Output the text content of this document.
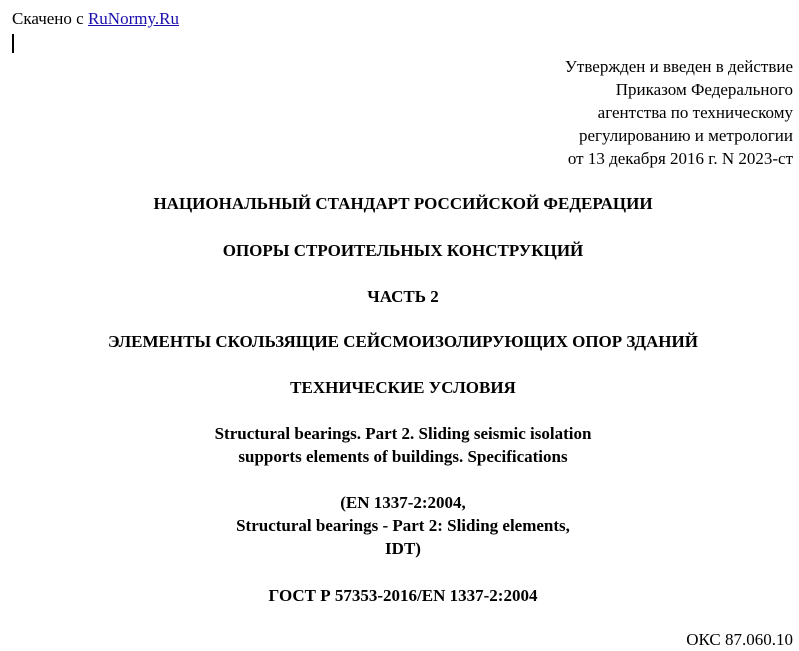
Скачено с RuNormy.Ru
Утвержден и введен в действие
Приказом Федерального
агентства по техническому
регулированию и метрологии
от 13 декабря 2016 г. N 2023-ст
НАЦИОНАЛЬНЫЙ СТАНДАРТ РОССИЙСКОЙ ФЕДЕРАЦИИ
ОПОРЫ СТРОИТЕЛЬНЫХ КОНСТРУКЦИЙ
ЧАСТЬ 2
ЭЛЕМЕНТЫ СКОЛЬЗЯЩИЕ СЕЙСМОИЗОЛИРУЮЩИХ ОПОР ЗДАНИЙ
ТЕХНИЧЕСКИЕ УСЛОВИЯ
Structural bearings. Part 2. Sliding seismic isolation
supports elements of buildings. Specifications
(EN 1337-2:2004,
Structural bearings - Part 2: Sliding elements,
IDT)
ГОСТ Р 57353-2016/EN 1337-2:2004
ОКС 87.060.10
